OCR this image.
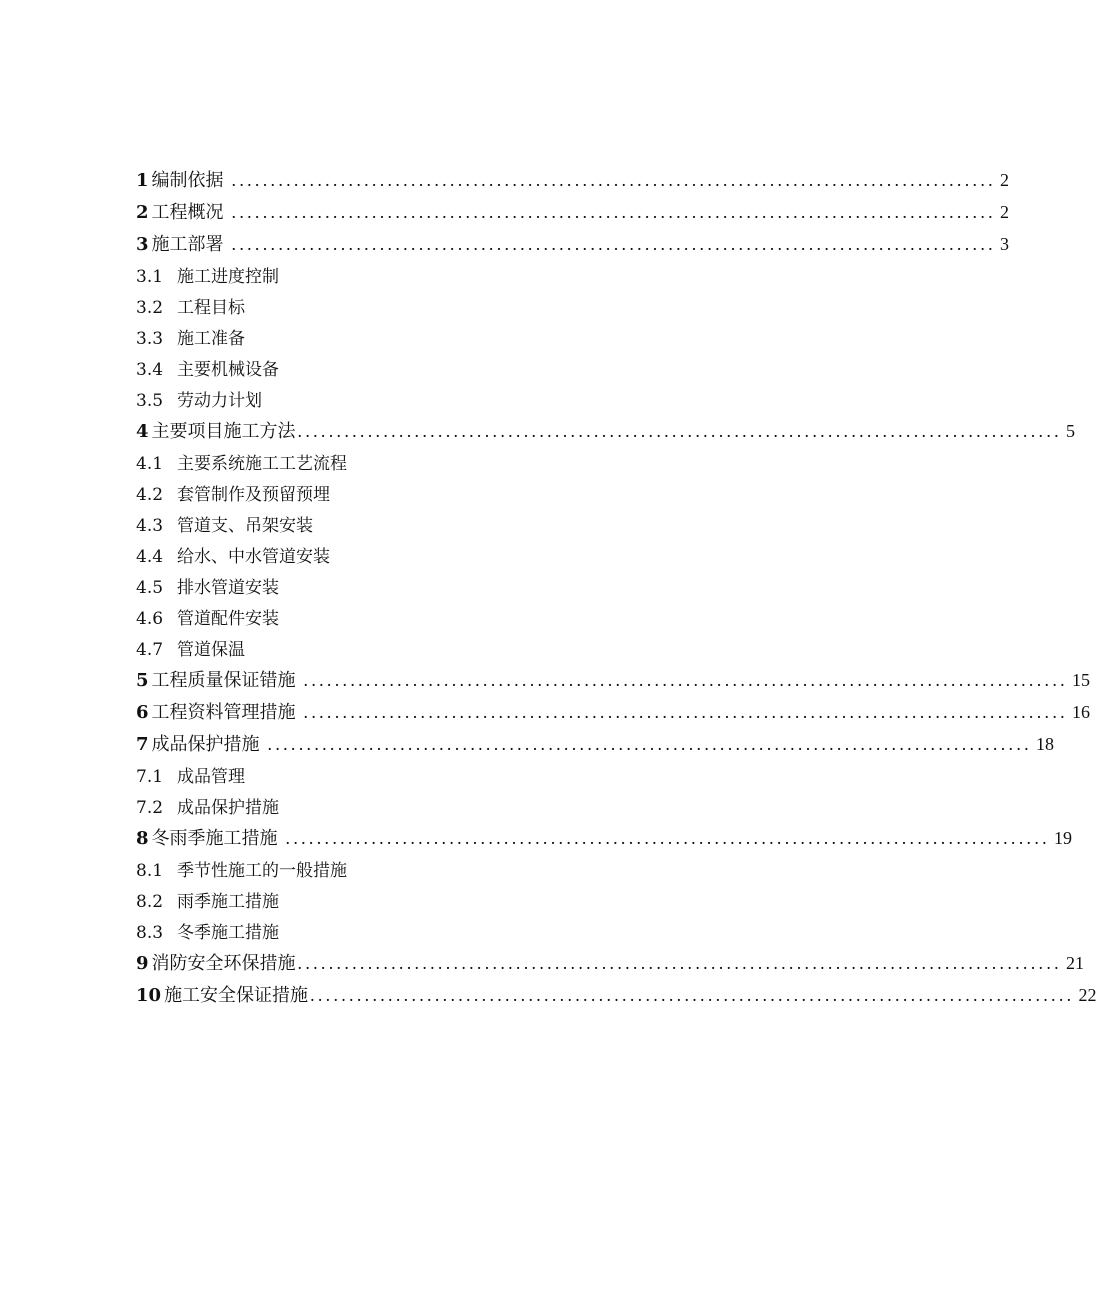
1 编制依据 .................................................................................................. 2
2 工程概况 .................................................................................................. 2
3 施工部署 .................................................................................................. 3
3.1 施工进度控制
3.2 工程目标
3.3 施工准备
3.4 主要机械设备
3.5 劳动力计划
4 主要项目施工方法 .................................................................................................. 5
4.1 主要系统施工工艺流程
4.2 套管制作及预留预埋
4.3 管道支、吊架安装
4.4 给水、中水管道安装
4.5 排水管道安装
4.6 管道配件安装
4.7 管道保温
5 工程质量保证错施 .................................................................................................. 15
6 工程资料管理措施 .................................................................................................. 16
7 成品保护措施 .................................................................................................. 18
7.1 成品管理
7.2 成品保护措施
8 冬雨季施工措施 .................................................................................................. 19
8.1 季节性施工的一般措施
8.2 雨季施工措施
8.3 冬季施工措施
9 消防安全环保措施 .................................................................................................. 21
10 施工安全保证措施 .................................................................................................. 22
